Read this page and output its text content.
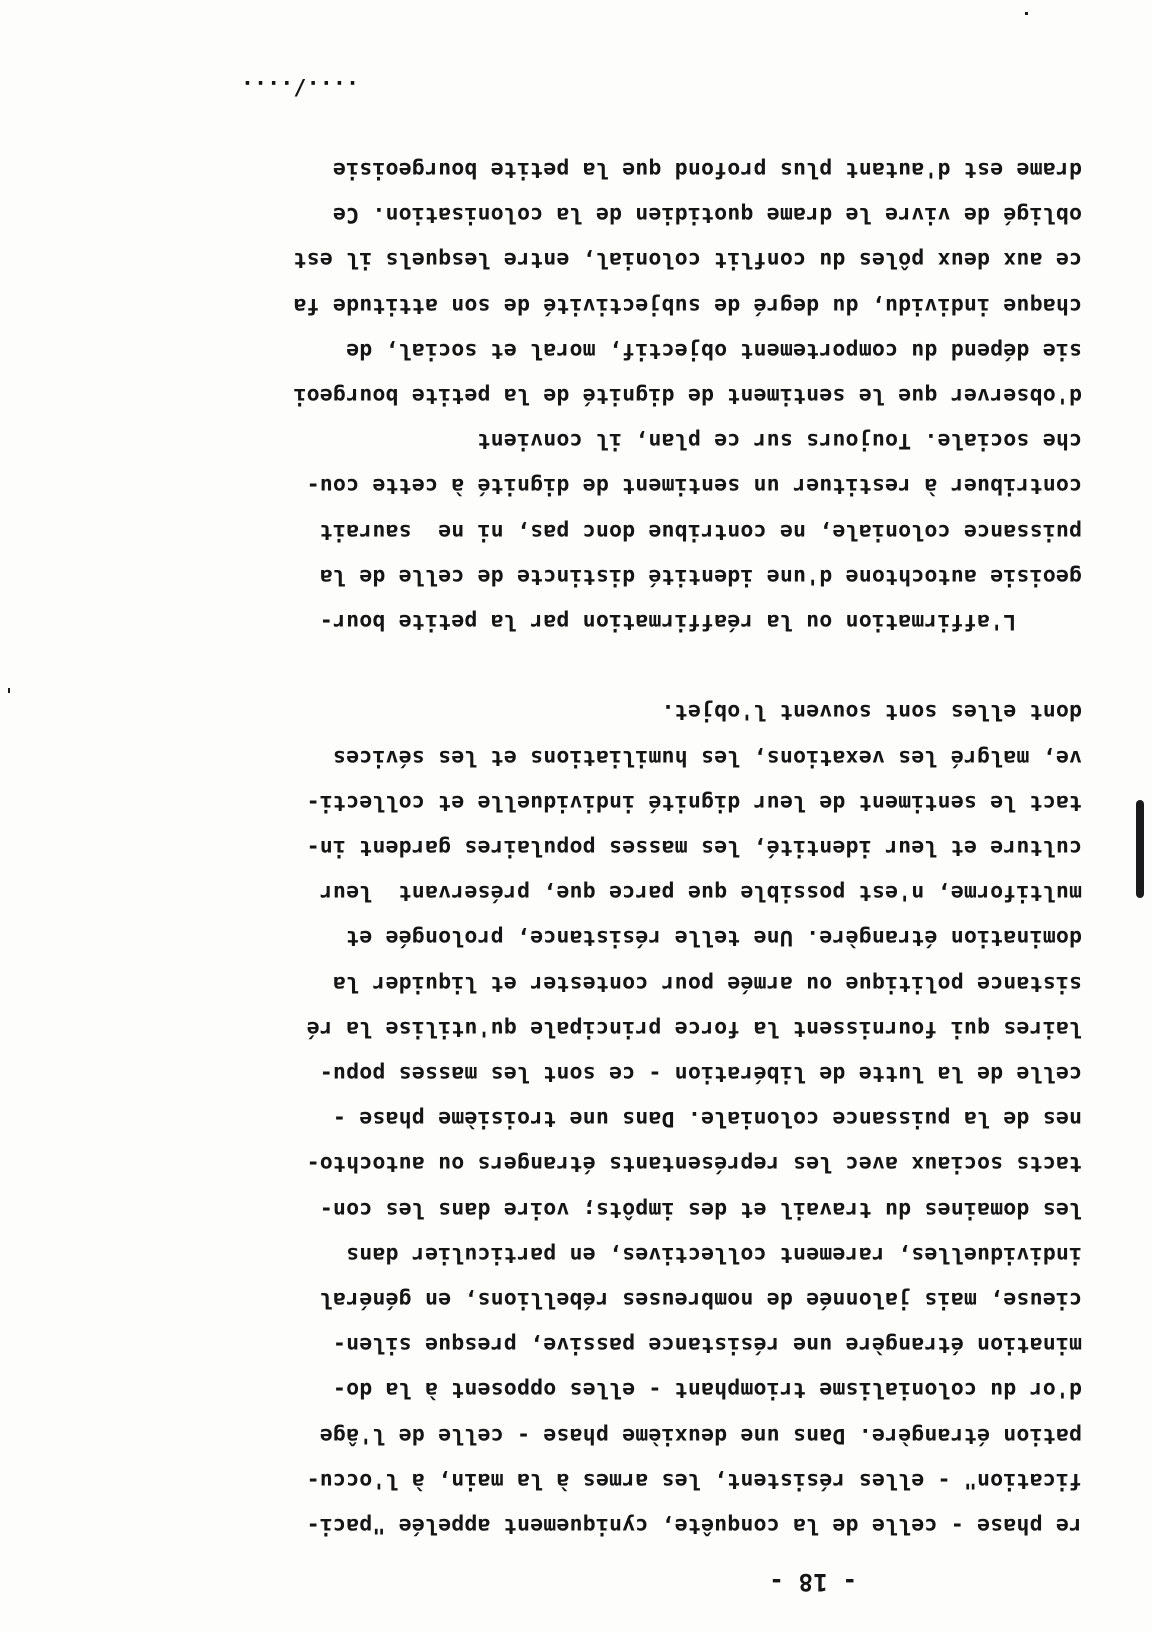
- 18 -
re phase - celle de la conquête, cyniquement appelée "paci-
fication" - elles résistent, les armes à la main, à l'occu-
pation étrangère. Dans une deuxième phase - celle de l'âge
d'or du colonialisme triomphant - elles opposent à la do-
mination étrangère une résistance passive, presque silen-
cieuse, mais jalonnée de nombreuses rébellions, en général
individuelles, rarement collectives, en particulier dans
les domaines du travail et des impôts; voire dans les con-
tacts sociaux avec les représentants étrangers ou autochto-
nes de la puissance coloniale. Dans une troisième phase -
celle de la lutte de libération - ce sont les masses popu-
laires qui fournissent la force principale qu'utilise la ré
sistance politique ou armée pour contester et liquider la
domination étrangère. Une telle résistance, prolongée et
multiforme, n'est possible que parce que, préservant  leur
culture et leur identité, les masses populaires gardent in-
tact le sentiment de leur dignité individuelle et collecti-
ve, malgré les vexations, les humiliations et les sévices
dont elles sont souvent l'objet.
L'affirmation ou la réaffirmation par la petite bour-
geoisie autochtone d'une identité distincte de celle de la
puissance coloniale, ne contribue donc pas, ni ne  saurait
contribuer à restituer un sentiment de dignité à cette cou-
che sociale. Toujours sur ce plan, il convient
d'observer que le sentiment de dignité de la petite bourgeoi
sie dépend du comportement objectif, moral et social, de
chaque individu, du degré de subjectivité de son attitude fa
ce aux deux pôles du conflit colonial, entre lesquels il est
obligé de vivre le drame quotidien de la colonisation. Ce
drame est d'autant plus profond que la petite bourgeoisie
..../....
